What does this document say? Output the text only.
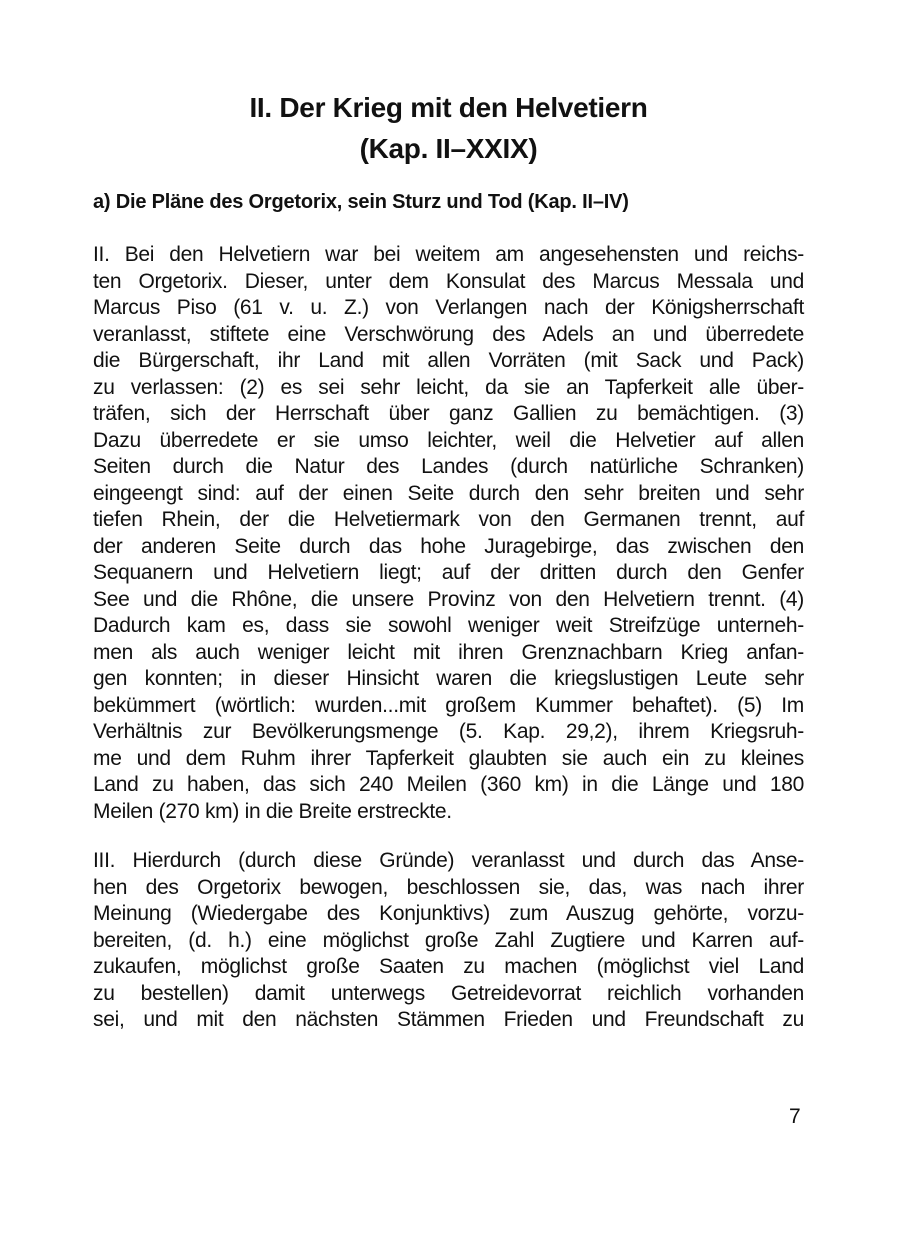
II. Der Krieg mit den Helvetiern
(Kap. II–XXIX)
a) Die Pläne des Orgetorix, sein Sturz und Tod (Kap. II–IV)
II. Bei den Helvetiern war bei weitem am angesehensten und reichs-
ten Orgetorix. Dieser, unter dem Konsulat des Marcus Messala und
Marcus Piso (61 v. u. Z.) von Verlangen nach der Königsherrschaft
veranlasst, stiftete eine Verschwörung des Adels an und überredete
die Bürgerschaft, ihr Land mit allen Vorräten (mit Sack und Pack)
zu verlassen: (2) es sei sehr leicht, da sie an Tapferkeit alle über-
träfen, sich der Herrschaft über ganz Gallien zu bemächtigen. (3)
Dazu überredete er sie umso leichter, weil die Helvetier auf allen
Seiten durch die Natur des Landes (durch natürliche Schranken)
eingeengt sind: auf der einen Seite durch den sehr breiten und sehr
tiefen Rhein, der die Helvetiermark von den Germanen trennt, auf
der anderen Seite durch das hohe Juragebirge, das zwischen den
Sequanern und Helvetiern liegt; auf der dritten durch den Genfer
See und die Rhône, die unsere Provinz von den Helvetiern trennt. (4)
Dadurch kam es, dass sie sowohl weniger weit Streifzüge unterneh-
men als auch weniger leicht mit ihren Grenznachbarn Krieg anfan-
gen konnten; in dieser Hinsicht waren die kriegslustigen Leute sehr
bekümmert (wörtlich: wurden...mit großem Kummer behaftet). (5) Im
Verhältnis zur Bevölkerungsmenge (5. Kap. 29,2), ihrem Kriegsruh-
me und dem Ruhm ihrer Tapferkeit glaubten sie auch ein zu kleines
Land zu haben, das sich 240 Meilen (360 km) in die Länge und 180
Meilen (270 km) in die Breite erstreckte.
III. Hierdurch (durch diese Gründe) veranlasst und durch das Anse-
hen des Orgetorix bewogen, beschlossen sie, das, was nach ihrer
Meinung (Wiedergabe des Konjunktivs) zum Auszug gehörte, vorzu-
bereiten, (d. h.) eine möglichst große Zahl Zugtiere und Karren auf-
zukaufen, möglichst große Saaten zu machen (möglichst viel Land
zu bestellen) damit unterwegs Getreidevorrat reichlich vorhanden
sei, und mit den nächsten Stämmen Frieden und Freundschaft zu
7
